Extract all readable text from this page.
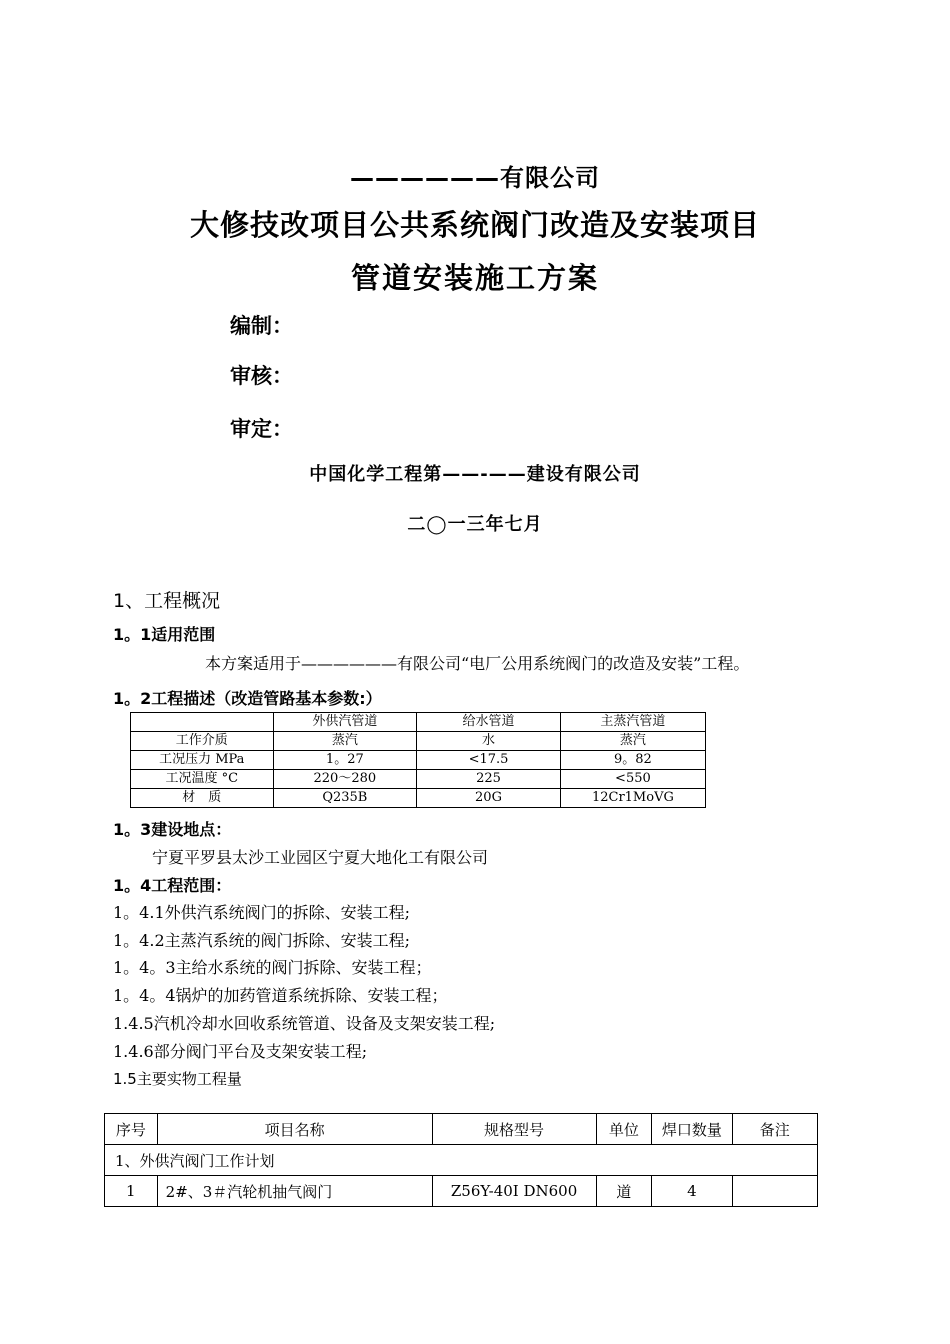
——————有限公司
大修技改项目公共系统阀门改造及安装项目
管道安装施工方案
编制：
审核：
审定：
中国化学工程第——-——建设有限公司
二◯一三年七月
1、工程概况
1。1适用范围
本方案适用于——————有限公司“电厂公用系统阀门的改造及安装”工程。
1。2工程描述（改造管路基本参数:）
	外供汽管道	给水管道	主蒸汽管道
工作介质	蒸汽	水	蒸汽
工况压力 MPa	1。27	<17.5	9。82
工况温度 °C	220～280	225	<550
材　质	Q235B	20G	12Cr1MoVG
1。3建设地点：
宁夏平罗县太沙工业园区宁夏大地化工有限公司
1。4工程范围：
1。4.1外供汽系统阀门的拆除、安装工程;
1。4.2主蒸汽系统的阀门拆除、安装工程;
1。4。3主给水系统的阀门拆除、安装工程；
1。4。4锅炉的加药管道系统拆除、安装工程；
1.4.5汽机冷却水回收系统管道、设备及支架安装工程;
1.4.6部分阀门平台及支架安装工程;
1.5主要实物工程量
序号	项目名称	规格型号	单位	焊口数量	备注
1、外供汽阀门工作计划					
1	2#、3＃汽轮机抽气阀门	Z56Y-40I DN600	道	4	
